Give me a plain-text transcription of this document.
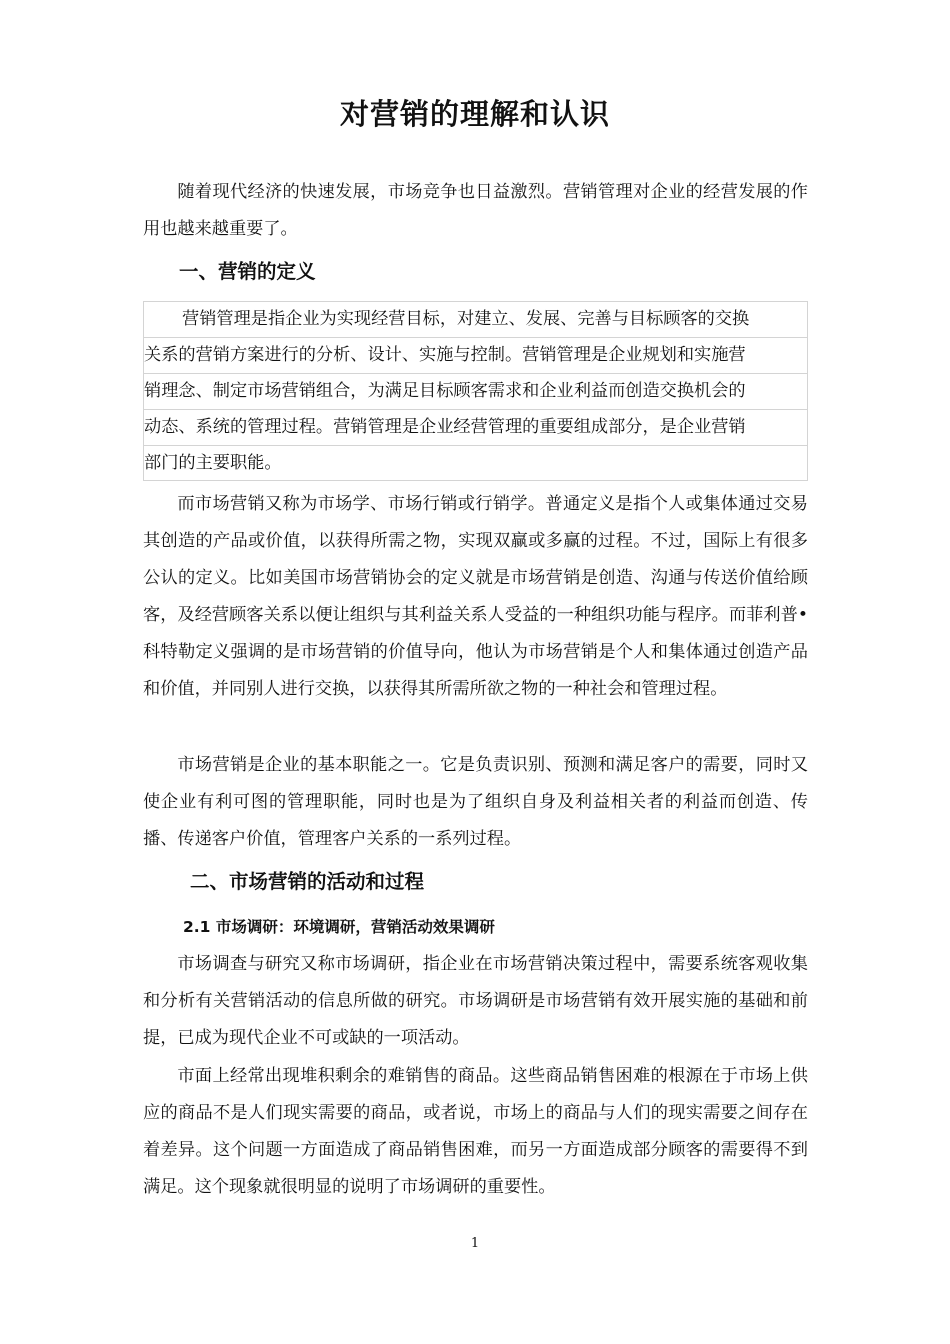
对营销的理解和认识

随着现代经济的快速发展，市场竞争也日益激烈。营销管理对企业的经营发展的作用也越来越重要了。

一、营销的定义
营销管理是指企业为实现经营目标，对建立、发展、完善与目标顾客的交换
关系的营销方案进行的分析、设计、实施与控制。营销管理是企业规划和实施营
销理念、制定市场营销组合，为满足目标顾客需求和企业利益而创造交换机会的
动态、系统的管理过程。营销管理是企业经营管理的重要组成部分，是企业营销
部门的主要职能。

而市场营销又称为市场学、市场行销或行销学。普通定义是指个人或集体通过交易其创造的产品或价值，以获得所需之物，实现双赢或多赢的过程。不过，国际上有很多公认的定义。比如美国市场营销协会的定义就是市场营销是创造、沟通与传送价值给顾客，及经营顾客关系以便让组织与其利益关系人受益的一种组织功能与程序。而菲利普•科特勒定义强调的是市场营销的价值导向，他认为市场营销是个人和集体通过创造产品和价值，并同别人进行交换，以获得其所需所欲之物的一种社会和管理过程。

市场营销是企业的基本职能之一。它是负责识别、预测和满足客户的需要，同时又使企业有利可图的管理职能，同时也是为了组织自身及利益相关者的利益而创造、传播、传递客户价值，管理客户关系的一系列过程。

二、市场营销的活动和过程
2.1 市场调研：环境调研，营销活动效果调研

市场调查与研究又称市场调研，指企业在市场营销决策过程中，需要系统客观收集和分析有关营销活动的信息所做的研究。市场调研是市场营销有效开展实施的基础和前提，已成为现代企业不可或缺的一项活动。

市面上经常出现堆积剩余的难销售的商品。这些商品销售困难的根源在于市场上供应的商品不是人们现实需要的商品，或者说，市场上的商品与人们的现实需要之间存在着差异。这个问题一方面造成了商品销售困难，而另一方面造成部分顾客的需要得不到满足。这个现象就很明显的说明了市场调研的重要性。

1
